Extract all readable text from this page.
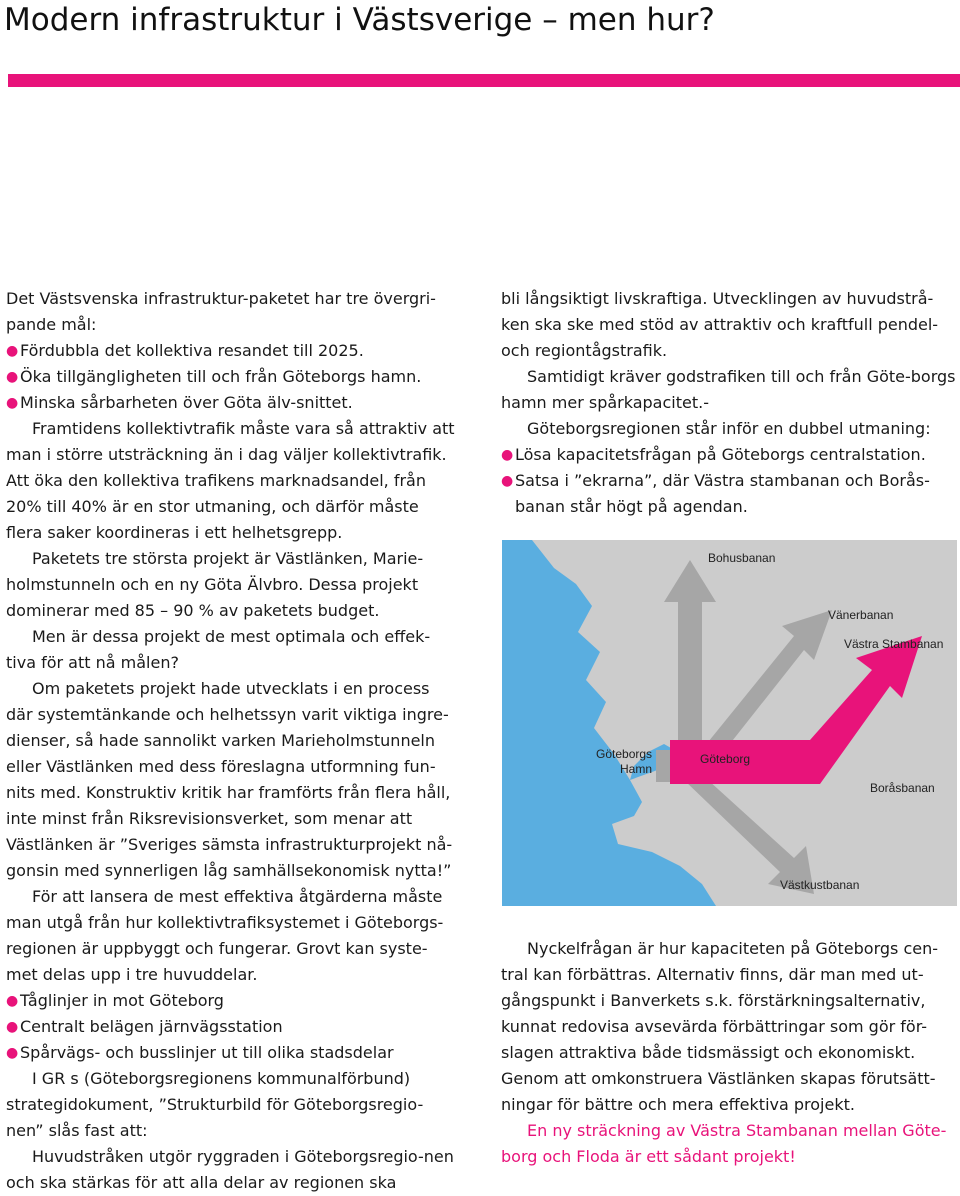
Modern infrastruktur i Västsverige – men hur?

Det Västsvenska infrastruktur-paketet har tre övergri-pande mål:

● Fördubbla det kollektiva resandet till 2025.
● Öka tillgängligheten till och från Göteborgs hamn.
● Minska sårbarheten över Göta älv-snittet.

Framtidens kollektivtrafik måste vara så attraktiv att man i större utsträckning än i dag väljer kollektivtrafik.

Att öka den kollektiva trafikens marknadsandel, från 20% till 40% är en stor utmaning, och därför måste flera saker koordineras i ett helhetsgrepp.

Paketets tre största projekt är Västlänken, Marie-holmstunneln och en ny Göta Älvbro. Dessa projekt dominerar med 85 – 90 % av paketets budget.

Men är dessa projekt de mest optimala och effek-tiva för att nå målen?

Om paketets projekt hade utvecklats i en process där systemtänkande och helhetssyn varit viktiga ingre-dienser, så hade sannolikt varken Marieholmstunneln eller Västlänken med dess föreslagna utformning fun-nits med. Konstruktiv kritik har framförts från flera håll, inte minst från Riksrevisionsverket, som menar att Västlänken är ”Sveriges sämsta infrastrukturprojekt nå-gonsin med synnerligen låg samhällsekonomisk nytta!”

För att lansera de mest effektiva åtgärderna måste man utgå från hur kollektivtrafiksystemet i Göteborgs-regionen är uppbyggt och fungerar. Grovt kan syste-met delas upp i tre huvuddelar.

● Tåglinjer in mot Göteborg
● Centralt belägen järnvägsstation
● Spårvägs- och busslinjer ut till olika stadsdelar

I GR s (Göteborgsregionens kommunalförbund) strategidokument, ”Strukturbild för Göteborgsregio-nen” slås fast att:

Huvudstråken utgör ryggraden i Göteborgsregio-nen och ska stärkas för att alla delar av regionen ska

bli långsiktigt livskraftiga. Utvecklingen av huvudstrå-ken ska ske med stöd av attraktiv och kraftfull pendel- och regiontågstrafik.

Samtidigt kräver godstrafiken till och från Göte-borgs hamn mer spårkapacitet.-

Göteborgsregionen står inför en dubbel utmaning:

● Lösa kapacitetsfrågan på Göteborgs centralstation.
● Satsa i ”ekrarna”, där Västra stambanan och Borås-banan står högt på agendan.
Bohusbanan
Vänerbanan
Västra Stambanan
Göteborgs
Hamn
Göteborg
Boråsbanan
Västkustbanan

Nyckelfrågan är hur kapaciteten på Göteborgs cen-tral kan förbättras. Alternativ finns, där man med ut-gångspunkt i Banverkets s.k. förstärkningsalternativ, kunnat redovisa avsevärda förbättringar som gör för-slagen attraktiva både tidsmässigt och ekonomiskt. Genom att omkonstruera Västlänken skapas förutsätt-ningar för bättre och mera effektiva projekt.

En ny sträckning av Västra Stambanan mellan Göte-borg och Floda är ett sådant projekt!
